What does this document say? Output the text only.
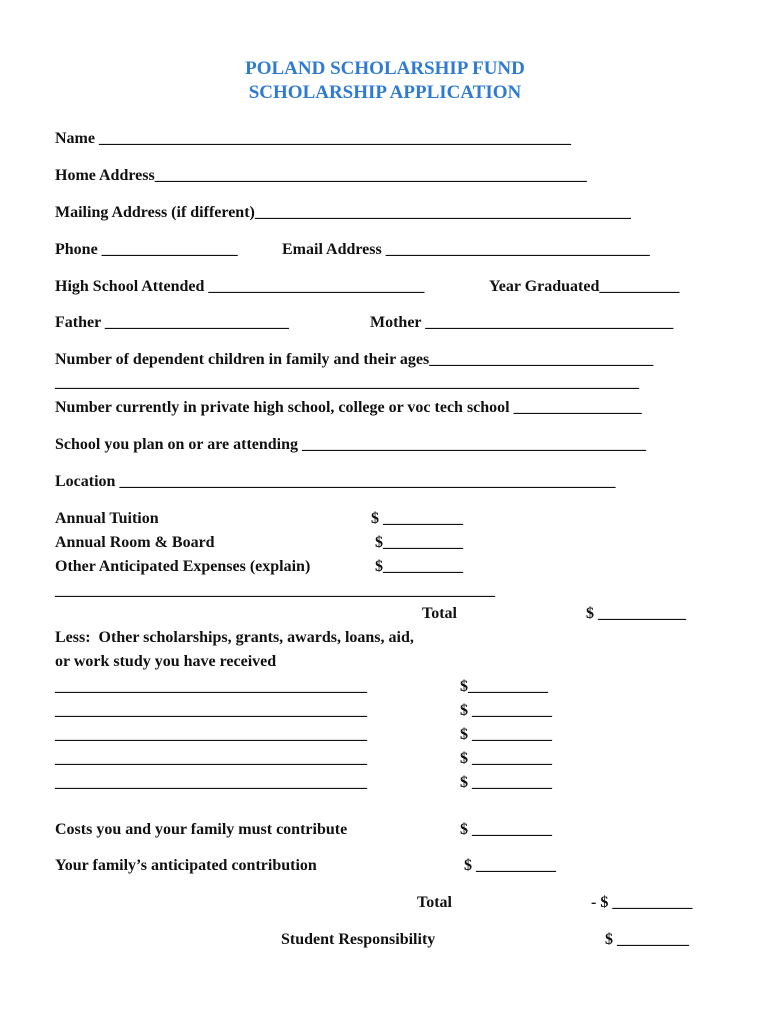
POLAND SCHOLARSHIP FUND
SCHOLARSHIP APPLICATION
Name ___________________________________________________________
Home Address______________________________________________________
Mailing Address (if different)_______________________________________________
Phone _________________	Email Address _________________________________
High School Attended ___________________________	Year Graduated__________
Father _______________________	Mother _______________________________
Number of dependent children in family and their ages____________________________
_________________________________________________________________________
Number currently in private high school, college or voc tech school ________________
School you plan on or are attending ___________________________________________
Location ______________________________________________________________
Annual Tuition	$ __________
Annual Room & Board	$__________
Other Anticipated Expenses (explain)	$__________
_______________________________________________________
Total	$ ___________
Less:  Other scholarships, grants, awards, loans, aid,
or work study you have received
_______________________________________	$__________
_______________________________________	$ __________
_______________________________________	$ __________
_______________________________________	$ __________
_______________________________________	$ __________
Costs you and your family must contribute	$ __________
Your family’s anticipated contribution	$ __________
Total	- $ __________
Student Responsibility	$ _________
